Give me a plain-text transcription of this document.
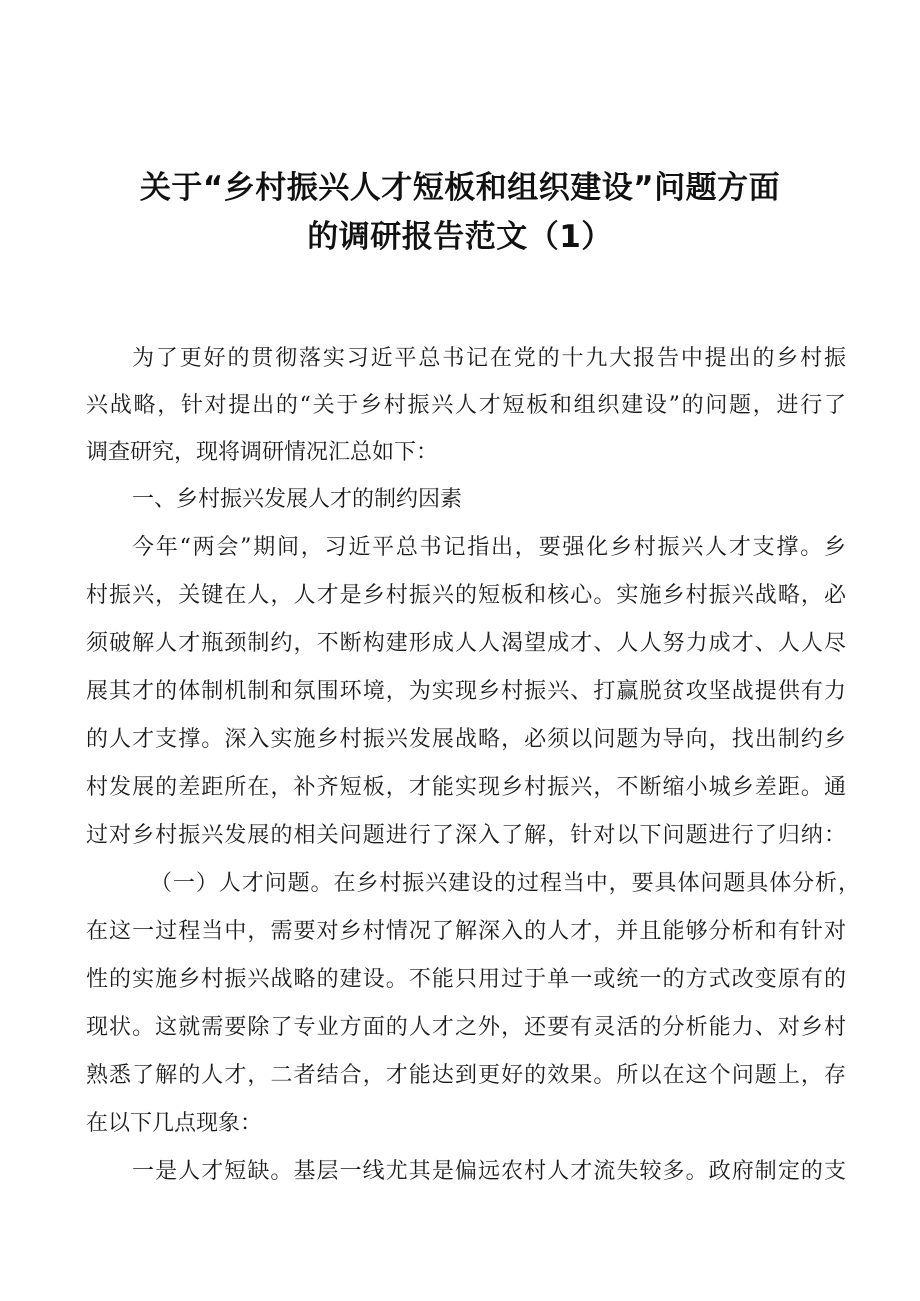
关于“乡村振兴人才短板和组织建设”问题方面
的调研报告范文（1）
为了更好的贯彻落实习近平总书记在党的十九大报告中提出的乡村振
兴战略，针对提出的“关于乡村振兴人才短板和组织建设”的问题，进行了
调查研究，现将调研情况汇总如下：
一、乡村振兴发展人才的制约因素
今年“两会”期间，习近平总书记指出，要强化乡村振兴人才支撑。乡
村振兴，关键在人，人才是乡村振兴的短板和核心。实施乡村振兴战略，必
须破解人才瓶颈制约，不断构建形成人人渴望成才、人人努力成才、人人尽
展其才的体制机制和氛围环境，为实现乡村振兴、打赢脱贫攻坚战提供有力
的人才支撑。深入实施乡村振兴发展战略，必须以问题为导向，找出制约乡
村发展的差距所在，补齐短板，才能实现乡村振兴，不断缩小城乡差距。通
过对乡村振兴发展的相关问题进行了深入了解，针对以下问题进行了归纳：
（一）人才问题。在乡村振兴建设的过程当中，要具体问题具体分析，
在这一过程当中，需要对乡村情况了解深入的人才，并且能够分析和有针对
性的实施乡村振兴战略的建设。不能只用过于单一或统一的方式改变原有的
现状。这就需要除了专业方面的人才之外，还要有灵活的分析能力、对乡村
熟悉了解的人才，二者结合，才能达到更好的效果。所以在这个问题上，存
在以下几点现象：
一是人才短缺。基层一线尤其是偏远农村人才流失较多。政府制定的支
